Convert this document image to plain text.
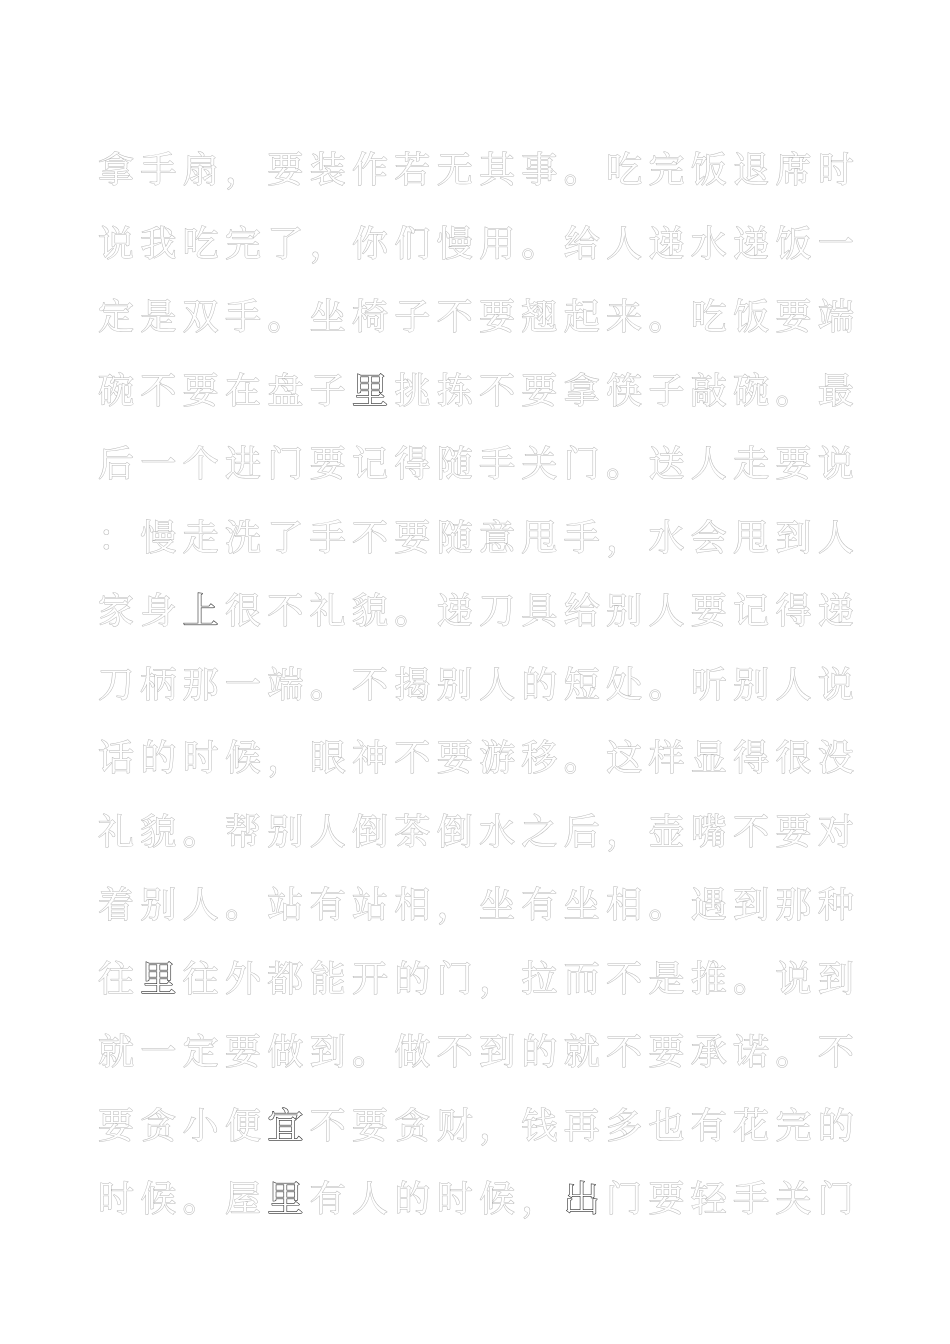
拿 手 扇 ， 要 装 作 若 无 其 事 。 吃 完 饭 退 席 时
说 我 吃 完 了 ， 你 们 慢 用 。 给 人 递 水 递 饭 一
定 是 双 手 。 坐 椅 子 不 要 翘 起 来 。 吃 饭 要 端
碗 不 要 在 盘 子 里 挑 拣 不 要 拿 筷 子 敲 碗 。 最
后 一 个 进 门 要 记 得 随 手 关 门 。 送 人 走 要 说
： 慢 走 洗 了 手 不 要 随 意 甩 手 ， 水 会 甩 到 人
家 身 上 很 不 礼 貌 。 递 刀 具 给 别 人 要 记 得 递
刀 柄 那 一 端 。 不 揭 别 人 的 短 处 。 听 别 人 说
话 的 时 候 ， 眼 神 不 要 游 移 。 这 样 显 得 很 没
礼 貌 。 帮 别 人 倒 茶 倒 水 之 后 ， 壶 嘴 不 要 对
着 别 人 。 站 有 站 相 ， 坐 有 坐 相 。 遇 到 那 种
往 里 往 外 都 能 开 的 门 ， 拉 而 不 是 推 。 说 到
就 一 定 要 做 到 。 做 不 到 的 就 不 要 承 诺 。 不
要 贪 小 便 宜 不 要 贪 财 ， 钱 再 多 也 有 花 完 的
时 候 。 屋 里 有 人 的 时 候 ， 出 门 要 轻 手 关 门
